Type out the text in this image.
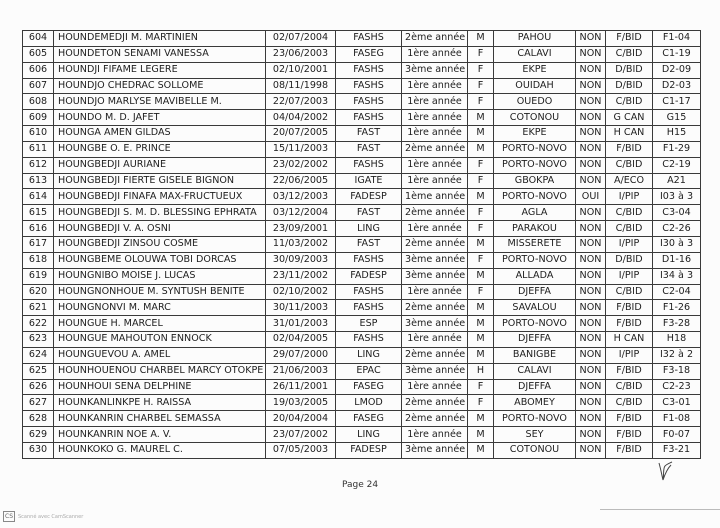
604	HOUNDEMEDJI M. MARTINIEN	02/07/2004	FASHS	2ème année	M	PAHOU	NON	F/BID	F1-04
605	HOUNDETON SENAMI VANESSA	23/06/2003	FASEG	1ère année	F	CALAVI	NON	C/BID	C1-19
606	HOUNDJI FIFAME LEGERE	02/10/2001	FASHS	3ème année	F	EKPE	NON	D/BID	D2-09
607	HOUNDJO CHEDRAC SOLLOME	08/11/1998	FASHS	1ère année	F	OUIDAH	NON	D/BID	D2-03
608	HOUNDJO MARLYSE MAVIBELLE M.	22/07/2003	FASHS	1ère année	F	OUEDO	NON	C/BID	C1-17
609	HOUNDO M. D. JAFET	04/04/2002	FASHS	1ère année	M	COTONOU	NON	G CAN	G15
610	HOUNGA AMEN GILDAS	20/07/2005	FAST	1ère année	M	EKPE	NON	H CAN	H15
611	HOUNGBE O. E. PRINCE	15/11/2003	FAST	2ème année	M	PORTO-NOVO	NON	F/BID	F1-29
612	HOUNGBEDJI AURIANE	23/02/2002	FASHS	1ère année	F	PORTO-NOVO	NON	C/BID	C2-19
613	HOUNGBEDJI FIERTE GISELE BIGNON	22/06/2005	IGATE	1ère année	F	GBOKPA	NON	A/ECO	A21
614	HOUNGBEDJI FINAFA MAX-FRUCTUEUX	03/12/2003	FADESP	1ème année	M	PORTO-NOVO	OUI	I/PIP	I03 à 3
615	HOUNGBEDJI S. M. D. BLESSING EPHRATA	03/12/2004	FAST	2ème année	F	AGLA	NON	C/BID	C3-04
616	HOUNGBEDJI V. A. OSNI	23/09/2001	LING	1ère année	F	PARAKOU	NON	C/BID	C2-26
617	HOUNGBEDJI ZINSOU COSME	11/03/2002	FAST	2ème année	M	MISSERETE	NON	I/PIP	I30 à 3
618	HOUNGBEME OLOUWA TOBI DORCAS	30/09/2003	FASHS	3ème année	F	PORTO-NOVO	NON	D/BID	D1-16
619	HOUNGNIBO MOISE J. LUCAS	23/11/2002	FADESP	3ème année	M	ALLADA	NON	I/PIP	I34 à 3
620	HOUNGNONHOUE M. SYNTUSH BENITE	02/10/2002	FASHS	1ère année	F	DJEFFA	NON	C/BID	C2-04
621	HOUNGNONVI M. MARC	30/11/2003	FASHS	2ème année	M	SAVALOU	NON	F/BID	F1-26
622	HOUNGUE H. MARCEL	31/01/2003	ESP	3ème année	M	PORTO-NOVO	NON	F/BID	F3-28
623	HOUNGUE MAHOUTON ENNOCK	02/04/2005	FASHS	1ère année	M	DJEFFA	NON	H CAN	H18
624	HOUNGUEVOU A. AMEL	29/07/2000	LING	2ème année	M	BANIGBE	NON	I/PIP	I32 à 2
625	HOUNHOUENOU CHARBEL MARCY OTOKPE	21/06/2003	EPAC	3ème année	H	CALAVI	NON	F/BID	F3-18
626	HOUNHOUI SENA DELPHINE	26/11/2001	FASEG	1ère année	F	DJEFFA	NON	C/BID	C2-23
627	HOUNKANLINKPE H. RAISSA	19/03/2005	LMOD	2ème année	F	ABOMEY	NON	C/BID	C3-01
628	HOUNKANRIN CHARBEL SEMASSA	20/04/2004	FASEG	2ème année	M	PORTO-NOVO	NON	F/BID	F1-08
629	HOUNKANRIN NOE A. V.	23/07/2002	LING	1ère année	M	SEY	NON	F/BID	F0-07
630	HOUNKOKO G. MAUREL C.	07/05/2003	FADESP	3ème année	M	COTONOU	NON	F/BID	F3-21
Page 24
CS	Scanné avec CamScanner
